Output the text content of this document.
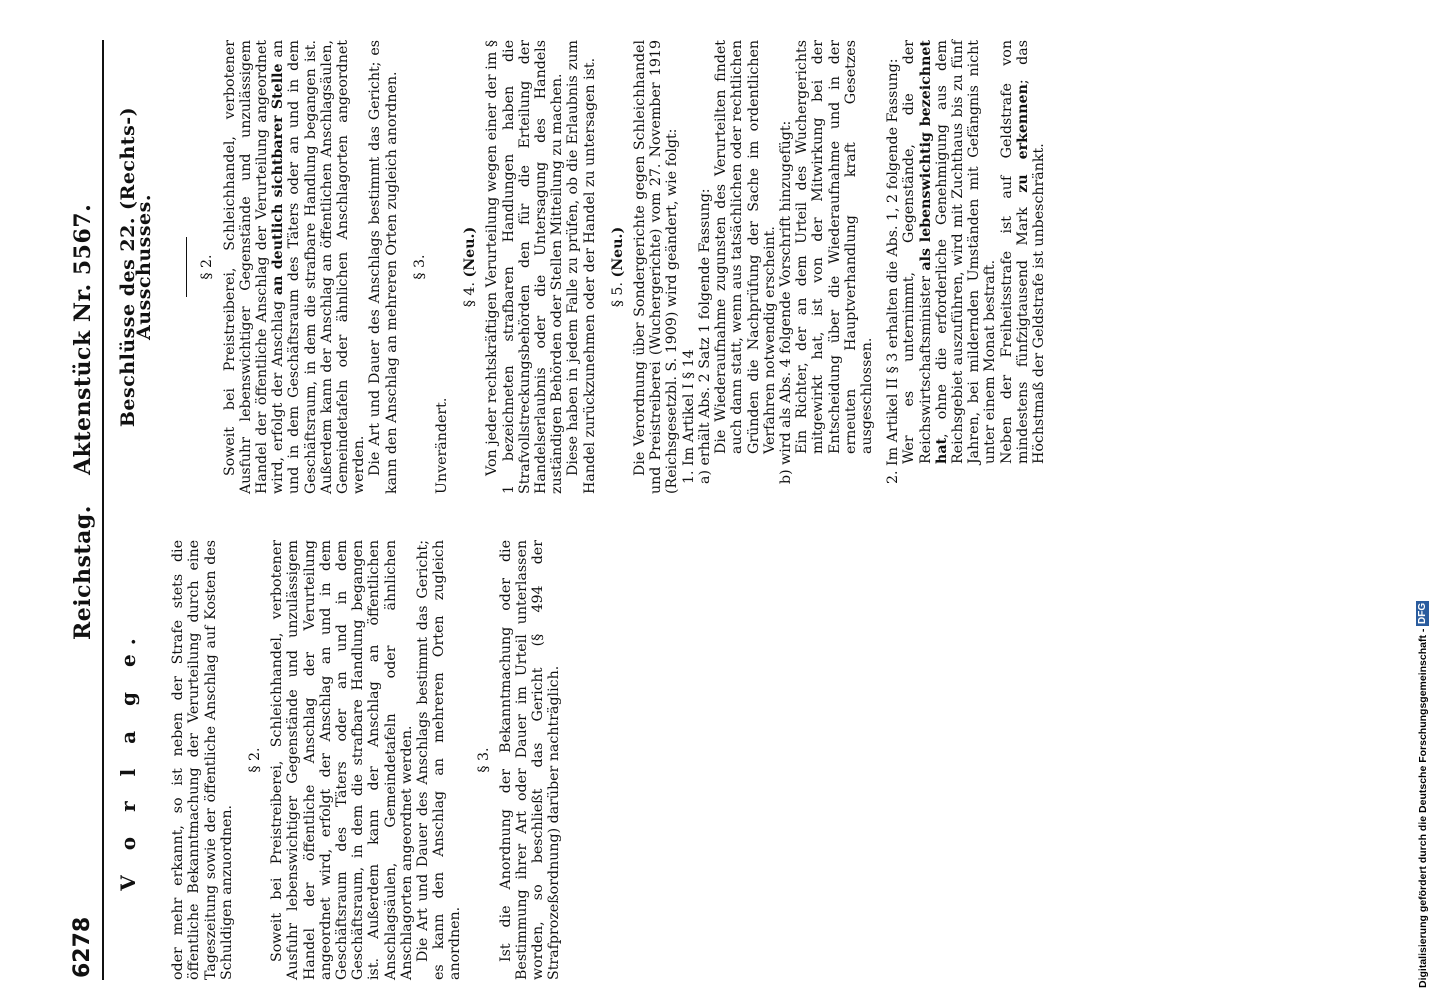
6278
Reichstag. Aktenstück Nr. 5567.
V o r l a g e. oder mehr erkannt, so ist neben der Strafe stets die öffentliche Bekanntmachung der Verurteilung durch eine Tageszeitung sowie der öffentliche Anschlag auf Kosten des Schuldigen anzuordnen.

§ 2. Soweit bei Preistreiberei, Schleichhandel, verbotener Ausfuhr lebenswichtiger Gegenstände und unzulässigem Handel der öffentliche Anschlag der Verurteilung angeordnet wird, erfolgt der Anschlag an und in dem Geschäftsraum des Täters oder an und in dem Geschäftsraum, in dem die strafbare Handlung begangen ist. Außerdem kann der Anschlag an öffentlichen Anschlagsäulen, Gemeindetafeln oder ähnlichen Anschlagorten angeordnet werden. Die Art und Dauer des Anschlags bestimmt das Gericht; es kann den Anschlag an mehreren Orten zugleich anordnen.

§ 3. Ist die Anordnung der Bekanntmachung oder die Bestimmung ihrer Art oder Dauer im Urteil unterlassen worden, so beschließt das Gericht (§ 494 der Strafprozeßordnung) darüber nachträglich.

Beschlüsse des 22. (Rechts-) Ausschusses.	§ 2. Soweit bei Preistreiberei, Schleichhandel, verbotener Ausfuhr lebenswichtiger Gegenstände und unzulässigem Handel der öffentliche Anschlag der Verurteilung angeordnet wird, erfolgt der Anschlag an deutlich sichtbarer Stelle an und in dem Geschäftsraum des Täters oder an und in dem Geschäftsraum, in dem die strafbare Handlung begangen ist. Außerdem kann der Anschlag an öffentlichen Anschlagsäulen, Gemeindetafeln oder ähnlichen Anschlagorten angeordnet werden. Die Art und Dauer des Anschlags bestimmt das Gericht; es kann den Anschlag an mehreren Orten zugleich anordnen. § 3.

Unverändert.

§ 4. (Neu.) Von jeder rechtskräftigen Verurteilung wegen einer der im § 1 bezeichneten strafbaren Handlungen haben die Strafvollstreckungsbehörden den für die Erteilung der Handelserlaubnis oder die Untersagung des Handels zuständigen Behörden oder Stellen Mitteilung zu machen. Diese haben in jedem Falle zu prüfen, ob die Erlaubnis zum Handel zurückzunehmen oder der Handel zu untersagen ist. § 5. (Neu.) Die Verordnung über Sondergerichte gegen Schleichhandel und Preistreiberei (Wuchergerichte) vom 27. November 1919 (Reichsgesetzbl. S. 1909) wird geändert, wie folgt: 1. Im Artikel I § 14 a) erhält Abs. 2 Satz 1 folgende Fassung: Die Wiederaufnahme zugunsten des Verurteilten findet auch dann statt, wenn aus tatsächlichen oder rechtlichen Gründen die Nachprüfung der Sache im ordentlichen Verfahren notwendig erscheint. b) wird als Abs. 4 folgende Vorschrift hinzugefügt: Ein Richter, der an dem Urteil des Wuchergerichts mitgewirkt hat, ist von der Mitwirkung bei der Entscheidung über die Wiederaufnahme und in der erneuten Hauptverhandlung kraft Gesetzes ausgeschlossen. 2. Im Artikel II § 3 erhalten die Abs. 1, 2 folgende Fassung: Wer es unternimmt, Gegenstände, die der Reichswirtschaftsminister als lebenswichtig bezeichnet hat, ohne die erforderliche Genehmigung aus dem Reichsgebiet auszuführen, wird mit Zuchthaus bis zu fünf Jahren, bei mildernden Umständen mit Gefängnis nicht unter einem Monat bestraft. Neben der Freiheitsstrafe ist auf Geldstrafe von mindestens fünfzigtausend Mark zu erkennen; das Höchstmaß der Geldstrafe ist unbeschränkt.

Digitalisierung gefördert durch die Deutsche Forschungsgemeinschaft - DFG
